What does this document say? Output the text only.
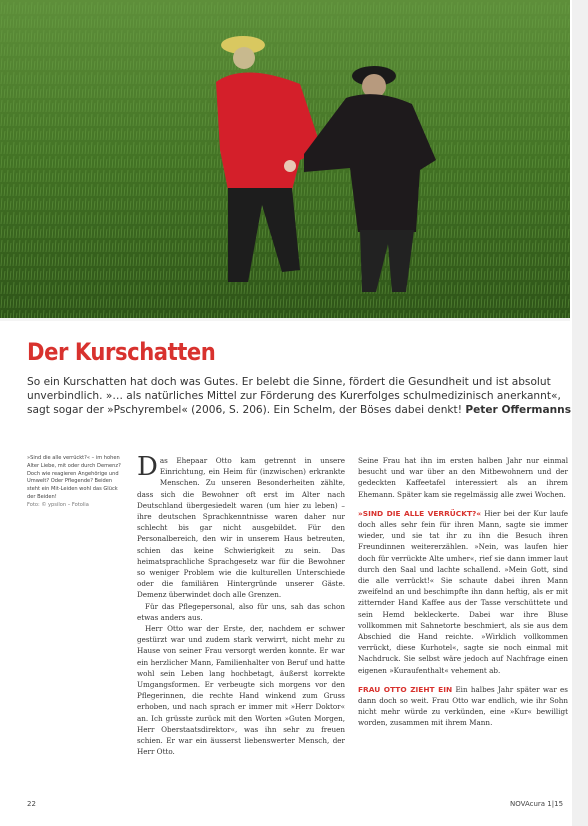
Der Kurschatten

So ein Kurschatten hat doch was Gutes. Er belebt die Sinne, fördert die Gesundheit und ist absolut unverbindlich. »… als natürliches Mittel zur Förderung des Kurerfolges schulmedizinisch anerkannt«, sagt sogar der »Pschyrembel« (2006, S. 206). Ein Schelm, der Böses dabei denkt! Peter Offermanns

»Sind die alle verrückt?« – im hohen Alter Liebe, mit oder durch Demenz? Doch wie reagieren Angehörige und Umwelt? Oder Pflegende? Beiden steht ein Mit-Leiden wohl das Glück der Beiden!
Foto: © ypsilon – Fotolia

Das Ehepaar Otto kam getrennt in unsere Einrichtung, ein Heim für (inzwischen) erkrankte Menschen. Zu unseren Besonderheiten zählte, dass sich die Bewohner oft erst im Alter nach Deutschland übergesiedelt waren (um hier zu leben) – ihre deutschen Sprachkenntnisse waren daher nur schlecht bis gar nicht ausgebildet. Für den Personalbereich, den wir in unserem Haus betreuten, schien das keine Schwierigkeit zu sein. Das heimatsprachliche Sprachgesetz war für die Bewohner so weniger Problem wie die kulturellen Unterschiede oder die familiären Hintergründe unserer Gäste. Demenz überwindet doch alle Grenzen.

Für das Pflegepersonal, also für uns, sah das schon etwas anders aus.

Herr Otto war der Erste, der, nachdem er schwer gestürzt war und zudem stark verwirrt, nicht mehr zu Hause von seiner Frau versorgt werden konnte. Er war ein herzlicher Mann, Familienhalter von Beruf und hatte wohl sein Leben lang hochbetagt, äußerst korrekte Umgangsformen. Er verbeugte sich morgens vor den Pflegerinnen, die rechte Hand winkend zum Gruss erhoben, und nach sprach er immer mit »Herr Doktor« an. Ich grüsste zurück mit den Worten »Guten Morgen, Herr Oberstaatsdirektor«, was ihn sehr zu freuen schien. Er war ein äusserst liebenswerter Mensch, der Herr Otto.

Seine Frau hat ihn im ersten halben Jahr nur einmal besucht und war über an den Mitbewohnern und der gedeckten Kaffeetafel interessiert als an ihrem Ehemann. Später kam sie regelmässig alle zwei Wochen.

»SIND DIE ALLE VERRÜCKT?« Hier bei der Kur laufe doch alles sehr fein für ihren Mann, sagte sie immer wieder, und sie tat ihr zu ihn die Besuch ihren Freundinnen weitererzählen. »Nein, was laufen hier doch für verrückte Alte umher«, rief sie dann immer laut durch den Saal und lachte schallend. »Mein Gott, sind die alle verrückt!« Sie schaute dabei ihren Mann zweifelnd an und beschimpfte ihn dann heftig, als er mit zitternder Hand Kaffee aus der Tasse verschüttete und sein Hemd bekleckerte. Dabei war ihre Bluse vollkommen mit Sahnetorte beschmiert, als sie aus dem Abschied die Hand reichte. »Wirklich vollkommen verrückt, diese Kurhotel«, sagte sie noch einmal mit Nachdruck. Sie selbst wäre jedoch auf Nachfrage einen eigenen »Kuraufenthalt« vehement ab.

FRAU OTTO ZIEHT EIN Ein halbes Jahr später war es dann doch so weit. Frau Otto war endlich, wie ihr Sohn nicht mehr würde zu verkünden, eine »Kur« bewilligt worden, zusammen mit ihrem Mann.

22	NOVAcura 1|15
